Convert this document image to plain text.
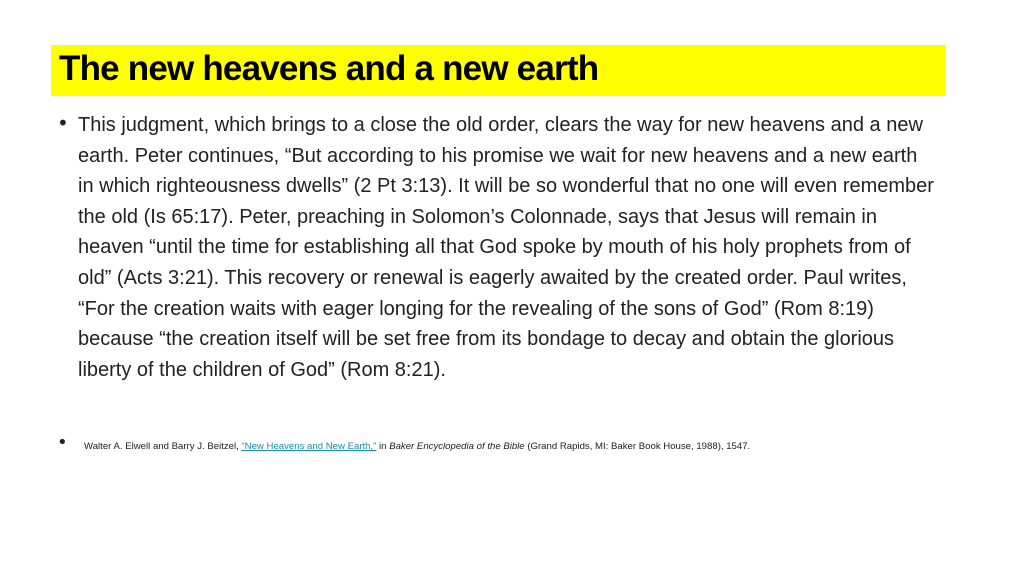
The new heavens and a new earth
• This judgment, which brings to a close the old order, clears the way for new heavens and a new earth. Peter continues, “But according to his promise we wait for new heavens and a new earth in which righteousness dwells” (2 Pt 3:13). It will be so wonderful that no one will even remember the old (Is 65:17). Peter, preaching in Solomon’s Colonnade, says that Jesus will remain in heaven “until the time for establishing all that God spoke by mouth of his holy prophets from of old” (Acts 3:21). This recovery or renewal is eagerly awaited by the created order. Paul writes, “For the creation waits with eager longing for the revealing of the sons of God” (Rom 8:19) because “the creation itself will be set free from its bondage to decay and obtain the glorious liberty of the children of God” (Rom 8:21).

• Walter A. Elwell and Barry J. Beitzel, “New Heavens and New Earth,” in Baker Encyclopedia of the Bible (Grand Rapids, MI: Baker Book House, 1988), 1547.
